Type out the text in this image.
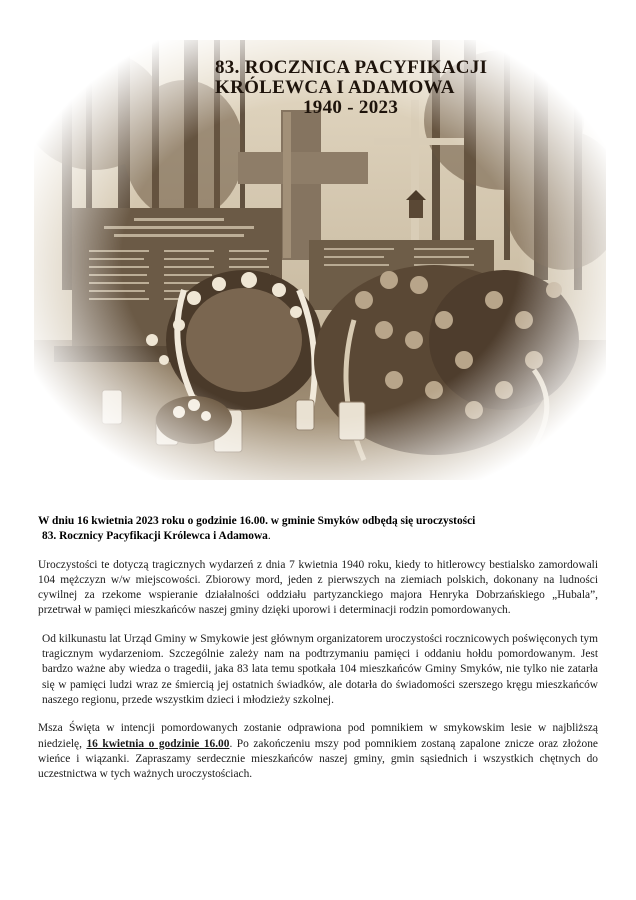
83. ROCZNICA PACYFIKACJI
KRÓLEWCA I ADAMOWA
1940 - 2023

W dniu 16 kwietnia 2023 roku o godzinie 16.00. w gminie Smyków odbędą się uroczystości
83. Rocznicy Pacyfikacji Królewca i Adamowa.

Uroczystości te dotyczą tragicznych wydarzeń z dnia 7 kwietnia 1940 roku, kiedy to hitlerowcy bestialsko zamordowali 104 mężczyzn w/w miejscowości. Zbiorowy mord, jeden z pierwszych na ziemiach polskich, dokonany na ludności cywilnej za rzekome wspieranie działalności oddziału partyzanckiego majora Henryka Dobrzańskiego „Hubala”, przetrwał w pamięci mieszkańców naszej gminy dzięki uporowi i determinacji rodzin pomordowanych.

Od kilkunastu lat Urząd Gminy w Smykowie jest głównym organizatorem uroczystości rocznicowych poświęconych tym tragicznym wydarzeniom. Szczególnie zależy nam na podtrzymaniu pamięci i oddaniu hołdu pomordowanym. Jest bardzo ważne aby wiedza o tragedii, jaka 83 lata temu spotkała 104 mieszkańców Gminy Smyków, nie tylko nie zatarła się w pamięci ludzi wraz ze śmiercią jej ostatnich świadków, ale dotarła do świadomości szerszego kręgu mieszkańców naszego regionu, przede wszystkim dzieci i młodzieży szkolnej.

Msza Święta w intencji pomordowanych zostanie odprawiona pod pomnikiem w smykowskim lesie w najbliższą niedzielę, 16 kwietnia o godzinie 16.00. Po zakończeniu mszy pod pomnikiem zostaną zapalone znicze oraz złożone wieńce i wiązanki. Zapraszamy serdecznie mieszkańców naszej gminy, gmin sąsiednich i wszystkich chętnych do uczestnictwa w tych ważnych uroczystościach.
